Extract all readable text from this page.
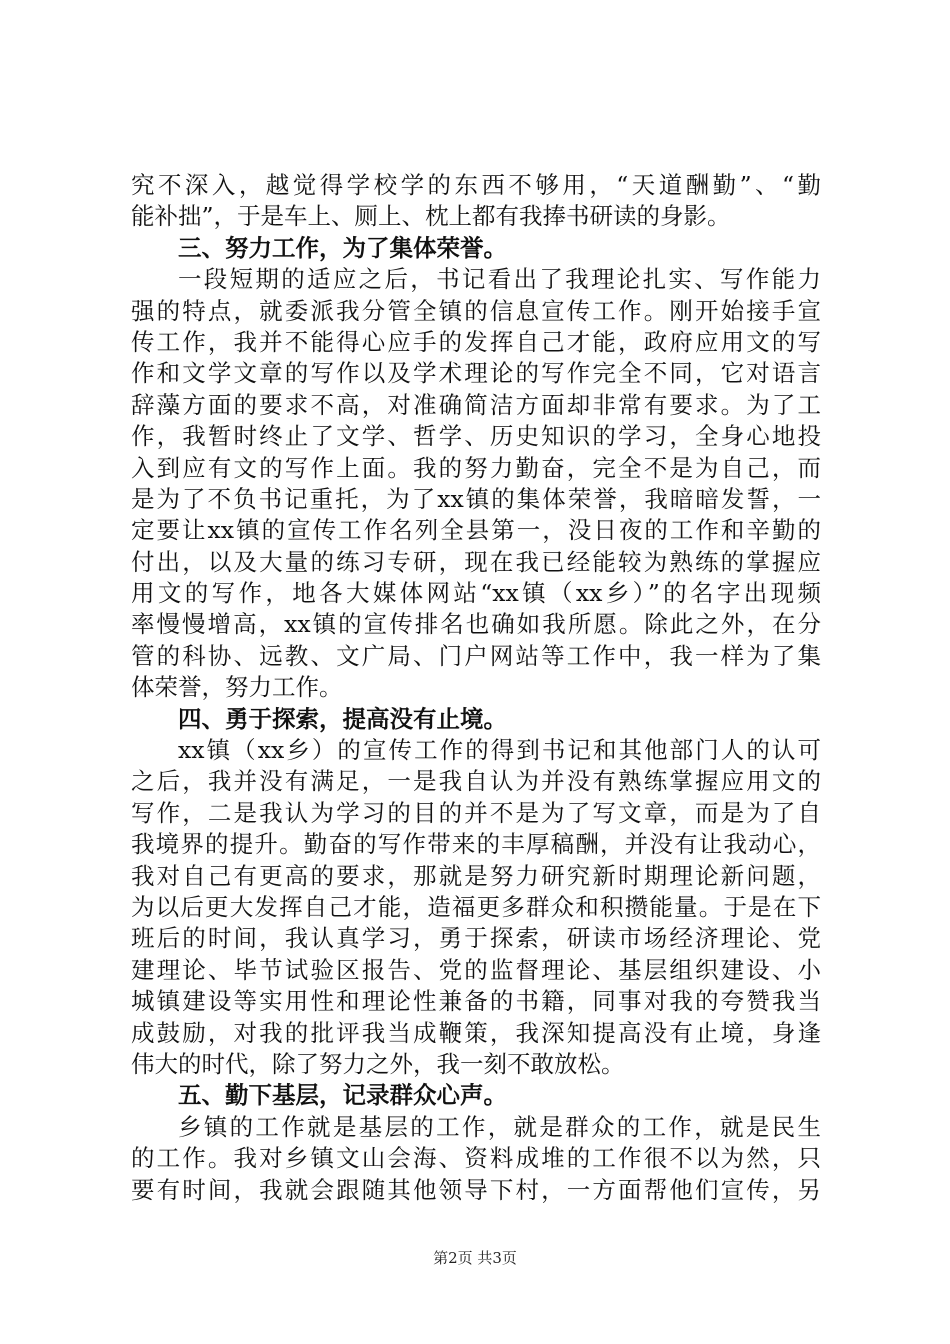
究不深入，越觉得学校学的东西不够用，“天道酬勤”、“勤
能补拙”，于是车上、厕上、枕上都有我捧书研读的身影。
三、努力工作，为了集体荣誉。
一段短期的适应之后，书记看出了我理论扎实、写作能力
强的特点，就委派我分管全镇的信息宣传工作。刚开始接手宣
传工作，我并不能得心应手的发挥自己才能，政府应用文的写
作和文学文章的写作以及学术理论的写作完全不同，它对语言
辞藻方面的要求不高，对准确简洁方面却非常有要求。为了工
作，我暂时终止了文学、哲学、历史知识的学习，全身心地投
入到应有文的写作上面。我的努力勤奋，完全不是为自己，而
是为了不负书记重托，为了xx镇的集体荣誉，我暗暗发誓，一
定要让xx镇的宣传工作名列全县第一，没日夜的工作和辛勤的
付出，以及大量的练习专研，现在我已经能较为熟练的掌握应
用文的写作，地各大媒体网站“xx镇（xx乡）”的名字出现频
率慢慢增高，xx镇的宣传排名也确如我所愿。除此之外，在分
管的科协、远教、文广局、门户网站等工作中，我一样为了集
体荣誉，努力工作。
四、勇于探索，提高没有止境。
xx镇（xx乡）的宣传工作的得到书记和其他部门人的认可
之后，我并没有满足，一是我自认为并没有熟练掌握应用文的
写作，二是我认为学习的目的并不是为了写文章，而是为了自
我境界的提升。勤奋的写作带来的丰厚稿酬，并没有让我动心，
我对自己有更高的要求，那就是努力研究新时期理论新问题，
为以后更大发挥自己才能，造福更多群众和积攒能量。于是在下
班后的时间，我认真学习，勇于探索，研读市场经济理论、党
建理论、毕节试验区报告、党的监督理论、基层组织建设、小
城镇建设等实用性和理论性兼备的书籍，同事对我的夸赞我当
成鼓励，对我的批评我当成鞭策，我深知提高没有止境，身逢
伟大的时代，除了努力之外，我一刻不敢放松。
五、勤下基层，记录群众心声。
乡镇的工作就是基层的工作，就是群众的工作，就是民生
的工作。我对乡镇文山会海、资料成堆的工作很不以为然，只
要有时间，我就会跟随其他领导下村，一方面帮他们宣传，另
第2页 共3页
